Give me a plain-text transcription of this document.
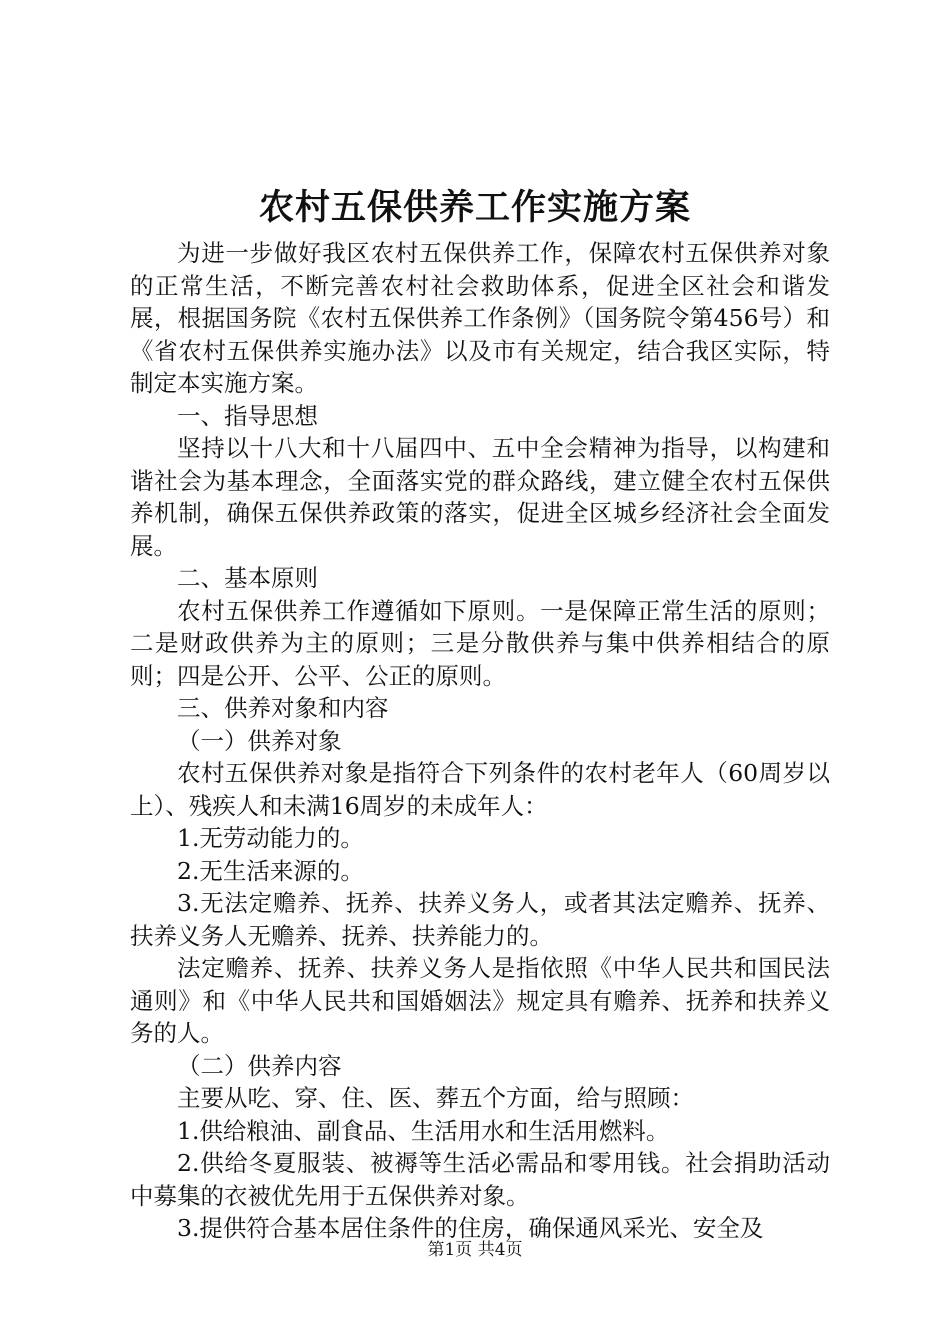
农村五保供养工作实施方案

为进一步做好我区农村五保供养工作，保障农村五保供养对象的正常生活，不断完善农村社会救助体系，促进全区社会和谐发展，根据国务院《农村五保供养工作条例》（国务院令第456号）和《省农村五保供养实施办法》以及市有关规定，结合我区实际，特制定本实施方案。

一、指导思想

坚持以十八大和十八届四中、五中全会精神为指导，以构建和谐社会为基本理念，全面落实党的群众路线，建立健全农村五保供养机制，确保五保供养政策的落实，促进全区城乡经济社会全面发展。

二、基本原则

农村五保供养工作遵循如下原则。一是保障正常生活的原则；二是财政供养为主的原则；三是分散供养与集中供养相结合的原则；四是公开、公平、公正的原则。

三、供养对象和内容

（一）供养对象

农村五保供养对象是指符合下列条件的农村老年人（60周岁以上）、残疾人和未满16周岁的未成年人：

1.无劳动能力的。

2.无生活来源的。

3.无法定赡养、抚养、扶养义务人，或者其法定赡养、抚养、扶养义务人无赡养、抚养、扶养能力的。

法定赡养、抚养、扶养义务人是指依照《中华人民共和国民法通则》和《中华人民共和国婚姻法》规定具有赡养、抚养和扶养义务的人。

（二）供养内容

主要从吃、穿、住、医、葬五个方面，给与照顾：

1.供给粮油、副食品、生活用水和生活用燃料。

2.供给冬夏服装、被褥等生活必需品和零用钱。社会捐助活动中募集的衣被优先用于五保供养对象。

3.提供符合基本居住条件的住房，确保通风采光、安全及

第1页 共4页
